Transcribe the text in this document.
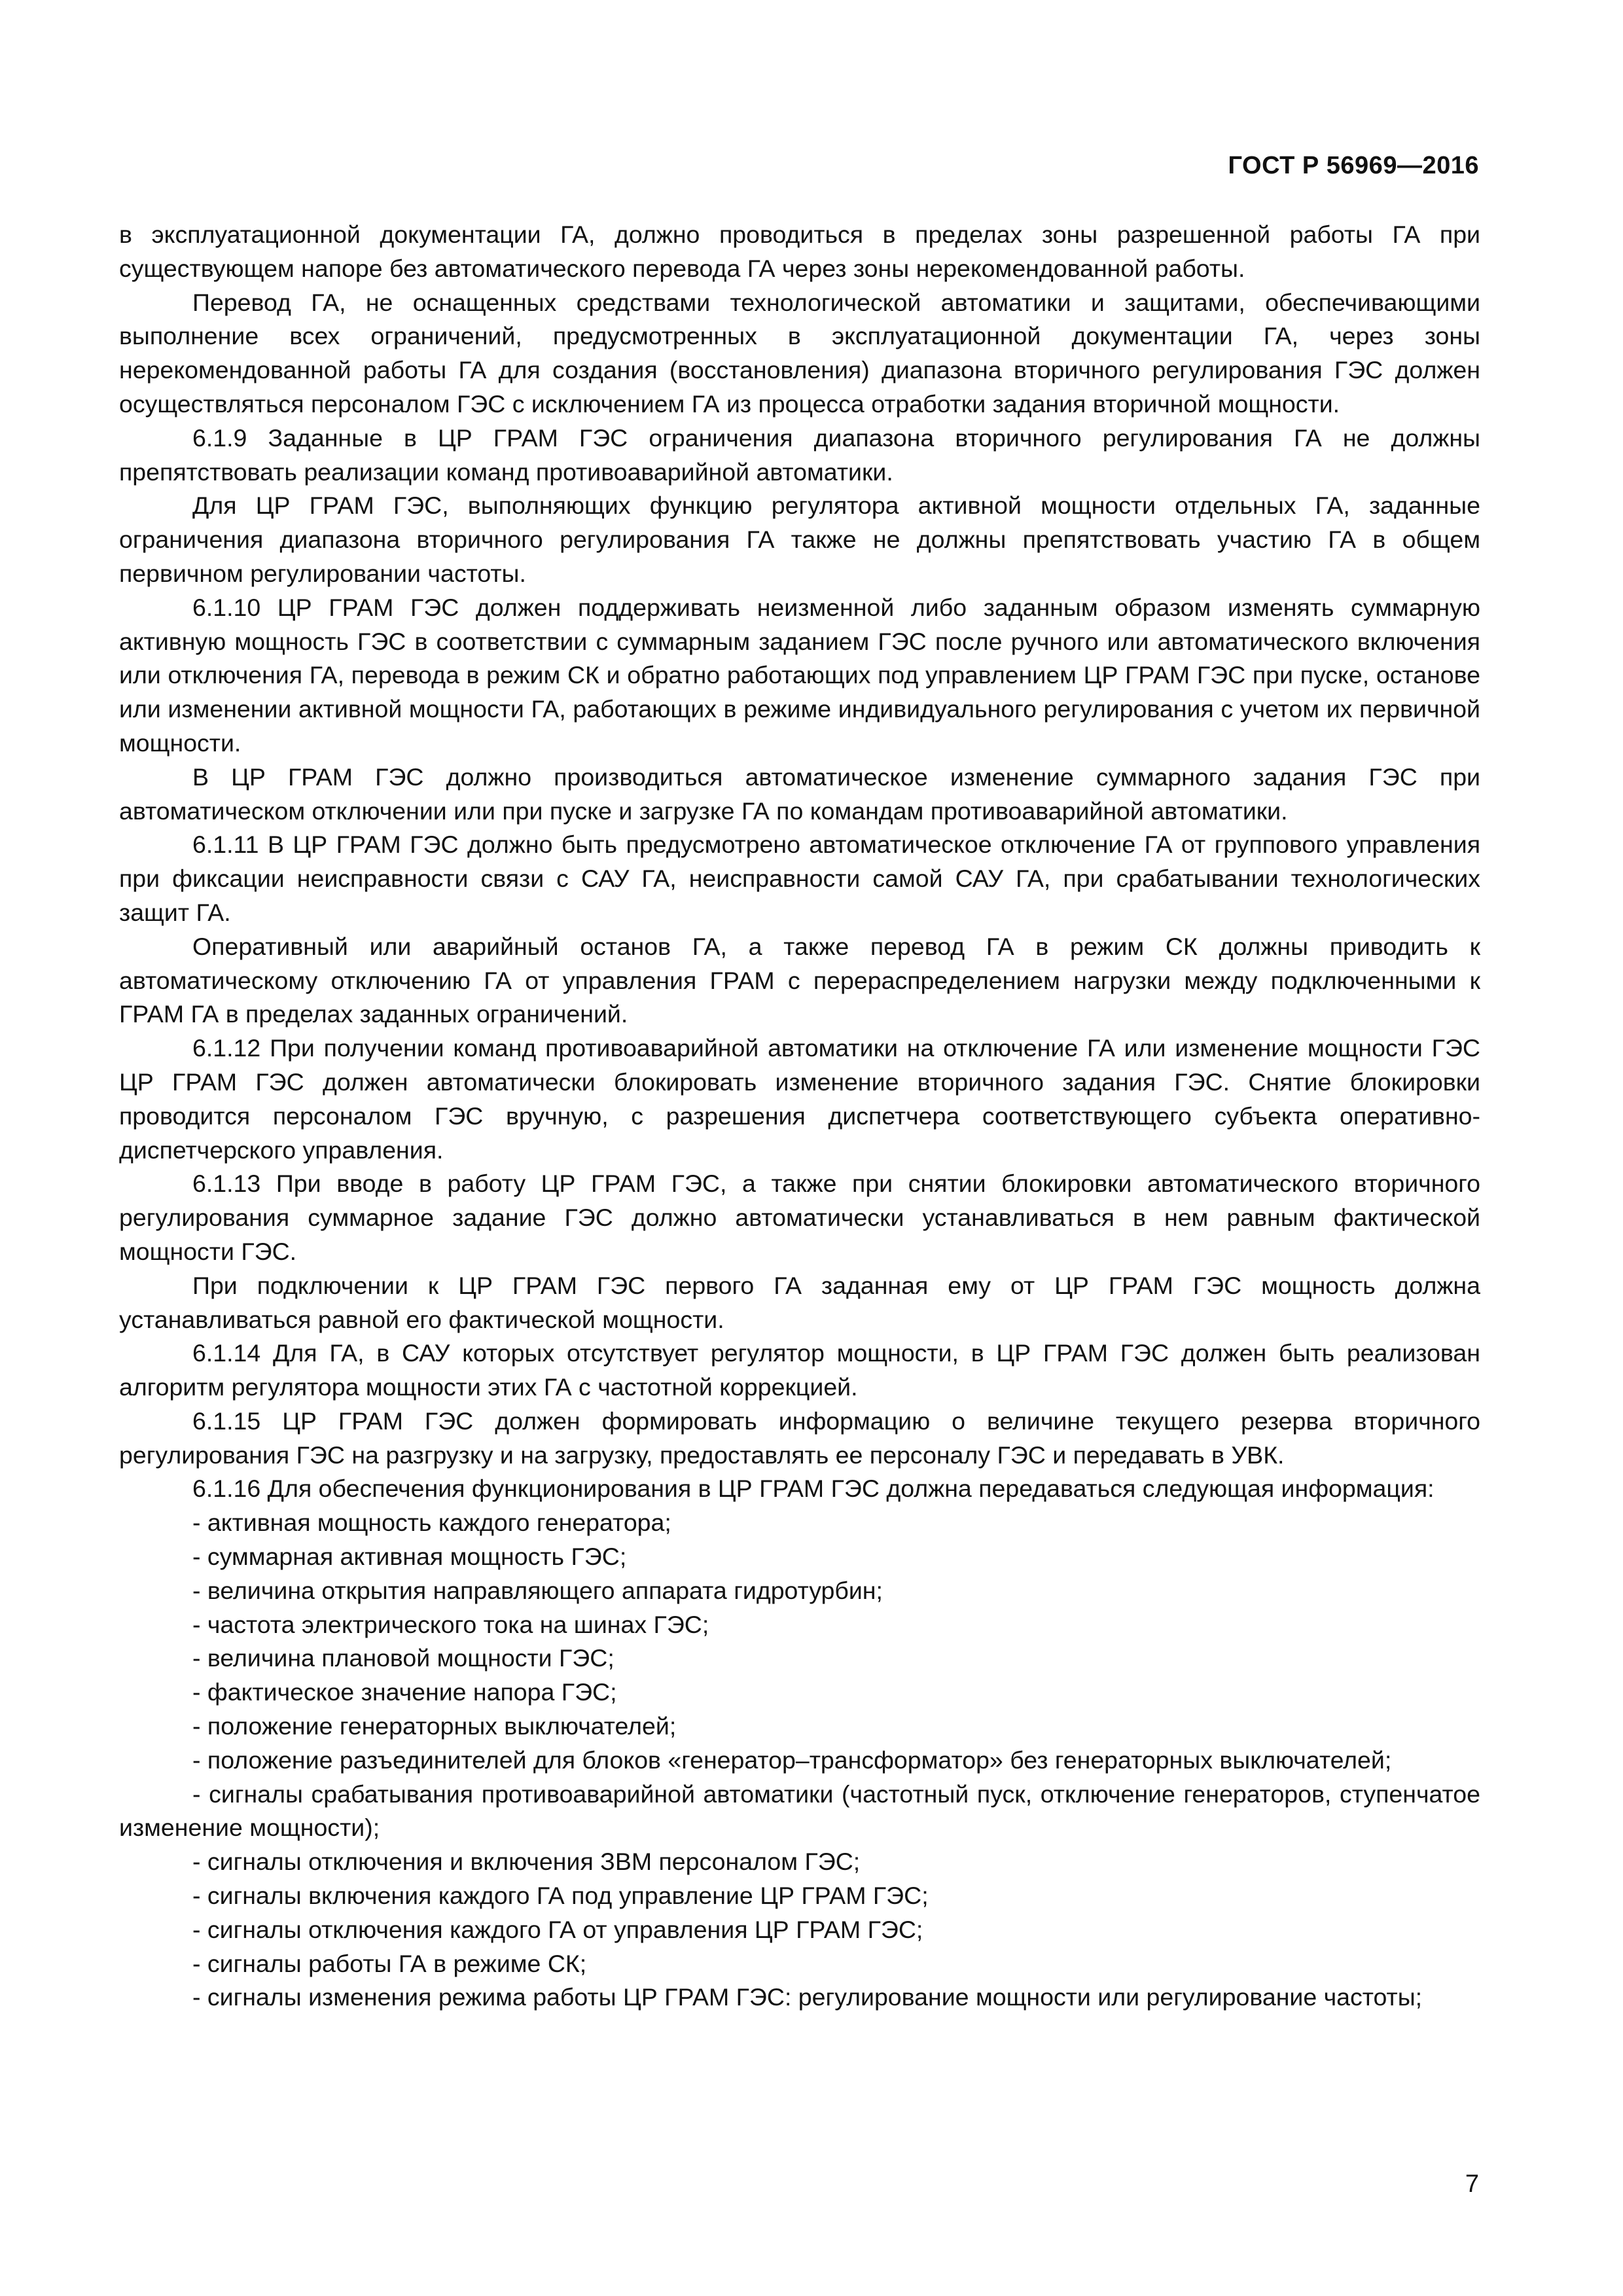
ГОСТ Р 56969—2016

в эксплуатационной документации ГА, должно проводиться в пределах зоны разрешенной работы ГА при существующем напоре без автоматического перевода ГА через зоны нерекомендованной работы.

Перевод ГА, не оснащенных средствами технологической автоматики и защитами, обеспечивающими выполнение всех ограничений, предусмотренных в эксплуатационной документации ГА, через зоны нерекомендованной работы ГА для создания (восстановления) диапазона вторичного регулирования ГЭС должен осуществляться персоналом ГЭС с исключением ГА из процесса отработки задания вторичной мощности.

6.1.9 Заданные в ЦР ГРАМ ГЭС ограничения диапазона вторичного регулирования ГА не должны препятствовать реализации команд противоаварийной автоматики.

Для ЦР ГРАМ ГЭС, выполняющих функцию регулятора активной мощности отдельных ГА, заданные ограничения диапазона вторичного регулирования ГА также не должны препятствовать участию ГА в общем первичном регулировании частоты.

6.1.10 ЦР ГРАМ ГЭС должен поддерживать неизменной либо заданным образом изменять суммарную активную мощность ГЭС в соответствии с суммарным заданием ГЭС после ручного или автоматического включения или отключения ГА, перевода в режим СК и обратно работающих под управлением ЦР ГРАМ ГЭС при пуске, останове или изменении активной мощности ГА, работающих в режиме индивидуального регулирования с учетом их первичной мощности.

В ЦР ГРАМ ГЭС должно производиться автоматическое изменение суммарного задания ГЭС при автоматическом отключении или при пуске и загрузке ГА по командам противоаварийной автоматики.

6.1.11 В ЦР ГРАМ ГЭС должно быть предусмотрено автоматическое отключение ГА от группового управления при фиксации неисправности связи с САУ ГА, неисправности самой САУ ГА, при срабатывании технологических защит ГА.

Оперативный или аварийный останов ГА, а также перевод ГА в режим СК должны приводить к автоматическому отключению ГА от управления ГРАМ с перераспределением нагрузки между подключенными к ГРАМ ГА в пределах заданных ограничений.

6.1.12 При получении команд противоаварийной автоматики на отключение ГА или изменение мощности ГЭС ЦР ГРАМ ГЭС должен автоматически блокировать изменение вторичного задания ГЭС. Снятие блокировки проводится персоналом ГЭС вручную, с разрешения диспетчера соответствующего субъекта оперативно-диспетчерского управления.

6.1.13 При вводе в работу ЦР ГРАМ ГЭС, а также при снятии блокировки автоматического вторичного регулирования суммарное задание ГЭС должно автоматически устанавливаться в нем равным фактической мощности ГЭС.

При подключении к ЦР ГРАМ ГЭС первого ГА заданная ему от ЦР ГРАМ ГЭС мощность должна устанавливаться равной его фактической мощности.

6.1.14 Для ГА, в САУ которых отсутствует регулятор мощности, в ЦР ГРАМ ГЭС должен быть реализован алгоритм регулятора мощности этих ГА с частотной коррекцией.

6.1.15 ЦР ГРАМ ГЭС должен формировать информацию о величине текущего резерва вторичного регулирования ГЭС на разгрузку и на загрузку, предоставлять ее персоналу ГЭС и передавать в УВК.

6.1.16 Для обеспечения функционирования в ЦР ГРАМ ГЭС должна передаваться следующая информация:

- активная мощность каждого генератора;

- суммарная активная мощность ГЭС;

- величина открытия направляющего аппарата гидротурбин;

- частота электрического тока на шинах ГЭС;

- величина плановой мощности ГЭС;

- фактическое значение напора ГЭС;

- положение генераторных выключателей;

- положение разъединителей для блоков «генератор–трансформатор» без генераторных выключателей;

- сигналы срабатывания противоаварийной автоматики (частотный пуск, отключение генераторов, ступенчатое изменение мощности);

- сигналы отключения и включения ЗВМ персоналом ГЭС;

- сигналы включения каждого ГА под управление ЦР ГРАМ ГЭС;

- сигналы отключения каждого ГА от управления ЦР ГРАМ ГЭС;

- сигналы работы ГА в режиме СК;

- сигналы изменения режима работы ЦР ГРАМ ГЭС: регулирование мощности или регулирование частоты;

7
